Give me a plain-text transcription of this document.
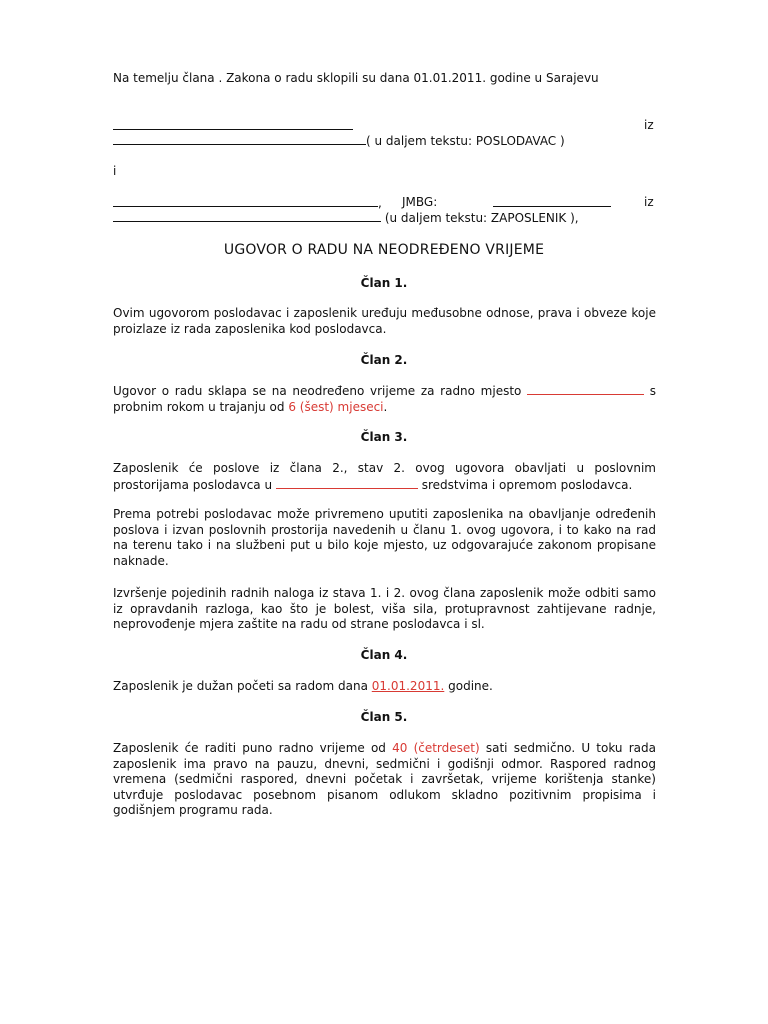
Na temelju člana . Zakona o radu sklopili su dana 01.01.2011. godine u Sarajevu
iz
( u daljem tekstu: POSLODAVAC )
i
, JMBG:	iz
(u daljem tekstu: ZAPOSLENIK ),
UGOVOR O RADU NA NEODREĐENO VRIJEME
Član 1.
Ovim ugovorom poslodavac i zaposlenik uređuju međusobne odnose, prava i obveze koje proizlaze iz rada zaposlenika kod poslodavca.
Član 2.
Ugovor o radu sklapa se na neodređeno vrijeme za radno mjesto	s probnim rokom u trajanju od 6 (šest) mjeseci.
Član 3.
Zaposlenik će poslove iz člana 2., stav 2. ovog ugovora obavljati u poslovnim prostorijama poslodavca u	sredstvima i opremom poslodavca.
Prema potrebi poslodavac može privremeno uputiti zaposlenika na obavljanje određenih poslova i izvan poslovnih prostorija navedenih u članu 1. ovog ugovora, i to kako na rad na terenu tako i na službeni put u bilo koje mjesto, uz odgovarajuće zakonom propisane naknade.
Izvršenje pojedinih radnih naloga iz stava 1. i 2. ovog člana zaposlenik može odbiti samo iz opravdanih razloga, kao što je bolest, viša sila, protupravnost zahtijevane radnje, neprovođenje mjera zaštite na radu od strane poslodavca i sl.
Član 4.
Zaposlenik je dužan početi sa radom dana 01.01.2011. godine.
Član 5.
Zaposlenik će raditi puno radno vrijeme od 40 (četrdeset) sati sedmično. U toku rada zaposlenik ima pravo na pauzu, dnevni, sedmični i godišnji odmor. Raspored radnog vremena (sedmični raspored, dnevni početak i završetak, vrijeme korištenja stanke) utvrđuje poslodavac posebnom pisanom odlukom skladno pozitivnim propisima i godišnjem programu rada.
